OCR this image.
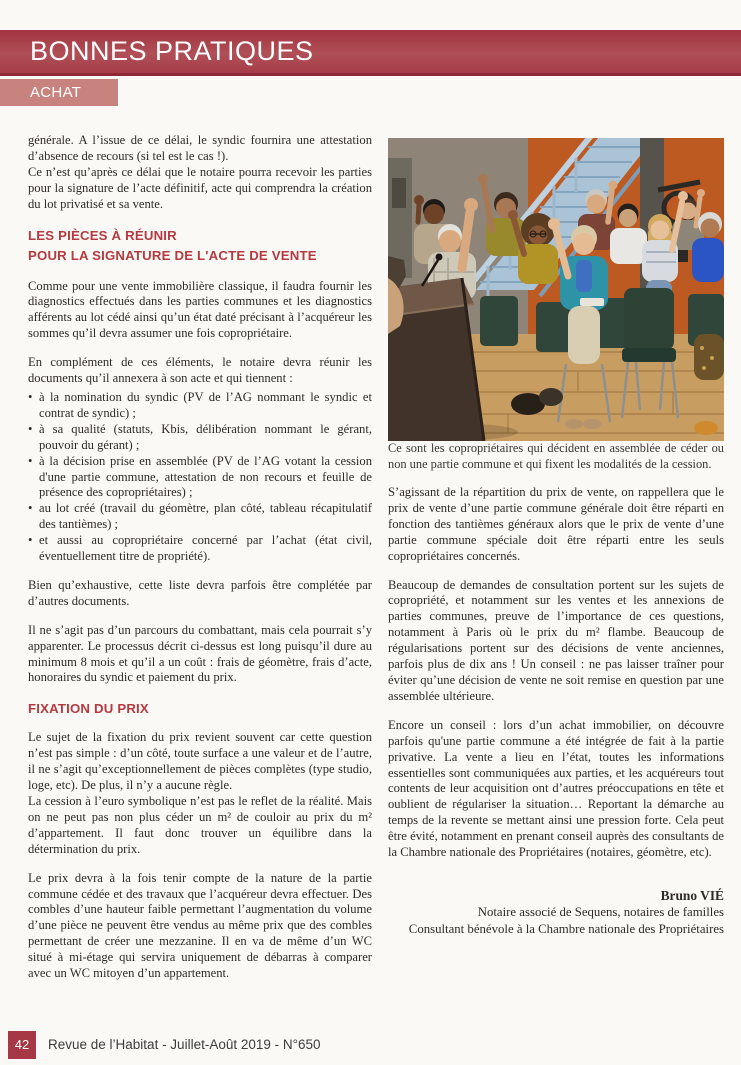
BONNES PRATIQUES
ACHAT

générale. A l’issue de ce délai, le syndic fournira une attestation d’absence de recours (si tel est le cas !).

Ce n’est qu’après ce délai que le notaire pourra recevoir les parties pour la signature de l’acte définitif, acte qui comprendra la création du lot privatisé et sa vente.

LES PIÈCES À RÉUNIR
POUR LA SIGNATURE DE L'ACTE DE VENTE

Comme pour une vente immobilière classique, il faudra fournir les diagnostics effectués dans les parties communes et les diagnostics afférents au lot cédé ainsi qu’un état daté précisant à l’acquéreur les sommes qu’il devra assumer une fois copropriétaire.

En complément de ces éléments, le notaire devra réunir les documents qu’il annexera à son acte et qui tiennent :

• à la nomination du syndic (PV de l’AG nommant le syndic et contrat de syndic) ;
• à sa qualité (statuts, Kbis, délibération nommant le gérant, pouvoir du gérant) ;
• à la décision prise en assemblée (PV de l’AG votant la cession d'une partie commune, attestation de non recours et feuille de présence des copropriétaires) ;
• au lot créé (travail du géomètre, plan côté, tableau récapitulatif des tantièmes) ;
• et aussi au copropriétaire concerné par l’achat (état civil, éventuellement titre de propriété).

Bien qu’exhaustive, cette liste devra parfois être complétée par d’autres documents.

Il ne s’agit pas d’un parcours du combattant, mais cela pourrait s’y apparenter. Le processus décrit ci-dessus est long puisqu’il dure au minimum 8 mois et qu’il a un coût : frais de géomètre, frais d’acte, honoraires du syndic et paiement du prix.

FIXATION DU PRIX

Le sujet de la fixation du prix revient souvent car cette question n’est pas simple : d’un côté, toute surface a une valeur et de l’autre, il ne s’agit qu’exceptionnellement de pièces complètes (type studio, loge, etc). De plus, il n’y a aucune règle.

La cession à l’euro symbolique n’est pas le reflet de la réalité. Mais on ne peut pas non plus céder un m² de couloir au prix du m² d’appartement. Il faut donc trouver un équilibre dans la détermination du prix.

Le prix devra à la fois tenir compte de la nature de la partie commune cédée et des travaux que l’acquéreur devra effectuer. Des combles d’une hauteur faible permettant l’augmentation du volume d’une pièce ne peuvent être vendus au même prix que des combles permettant de créer une mezzanine. Il en va de même d’un WC situé à mi-étage qui servira uniquement de débarras à comparer avec un WC mitoyen d’un appartement.

Ce sont les copropriétaires qui décident en assemblée de céder ou non une partie commune et qui fixent les modalités de la cession.

S’agissant de la répartition du prix de vente, on rappellera que le prix de vente d’une partie commune générale doit être réparti en fonction des tantièmes généraux alors que le prix de vente d’une partie commune spéciale doit être réparti entre les seuls copropriétaires concernés.

Beaucoup de demandes de consultation portent sur les sujets de copropriété, et notamment sur les ventes et les annexions de parties communes, preuve de l’importance de ces questions, notamment à Paris où le prix du m² flambe. Beaucoup de régularisations portent sur des décisions de vente anciennes, parfois plus de dix ans ! Un conseil : ne pas laisser traîner pour éviter qu’une décision de vente ne soit remise en question par une assemblée ultérieure.

Encore un conseil : lors d’un achat immobilier, on découvre parfois qu'une partie commune a été intégrée de fait à la partie privative. La vente a lieu en l’état, toutes les informations essentielles sont communiquées aux parties, et les acquéreurs tout contents de leur acquisition ont d’autres préoccupations en tête et oublient de régulariser la situation… Reportant la démarche au temps de la revente se mettant ainsi une pression forte. Cela peut être évité, notamment en prenant conseil auprès des consultants de la Chambre nationale des Propriétaires (notaires, géomètre, etc).

Bruno VIÉ
Notaire associé de Sequens, notaires de familles
Consultant bénévole à la Chambre nationale des Propriétaires
42	Revue de l’Habitat - Juillet-Août 2019 - N°650
